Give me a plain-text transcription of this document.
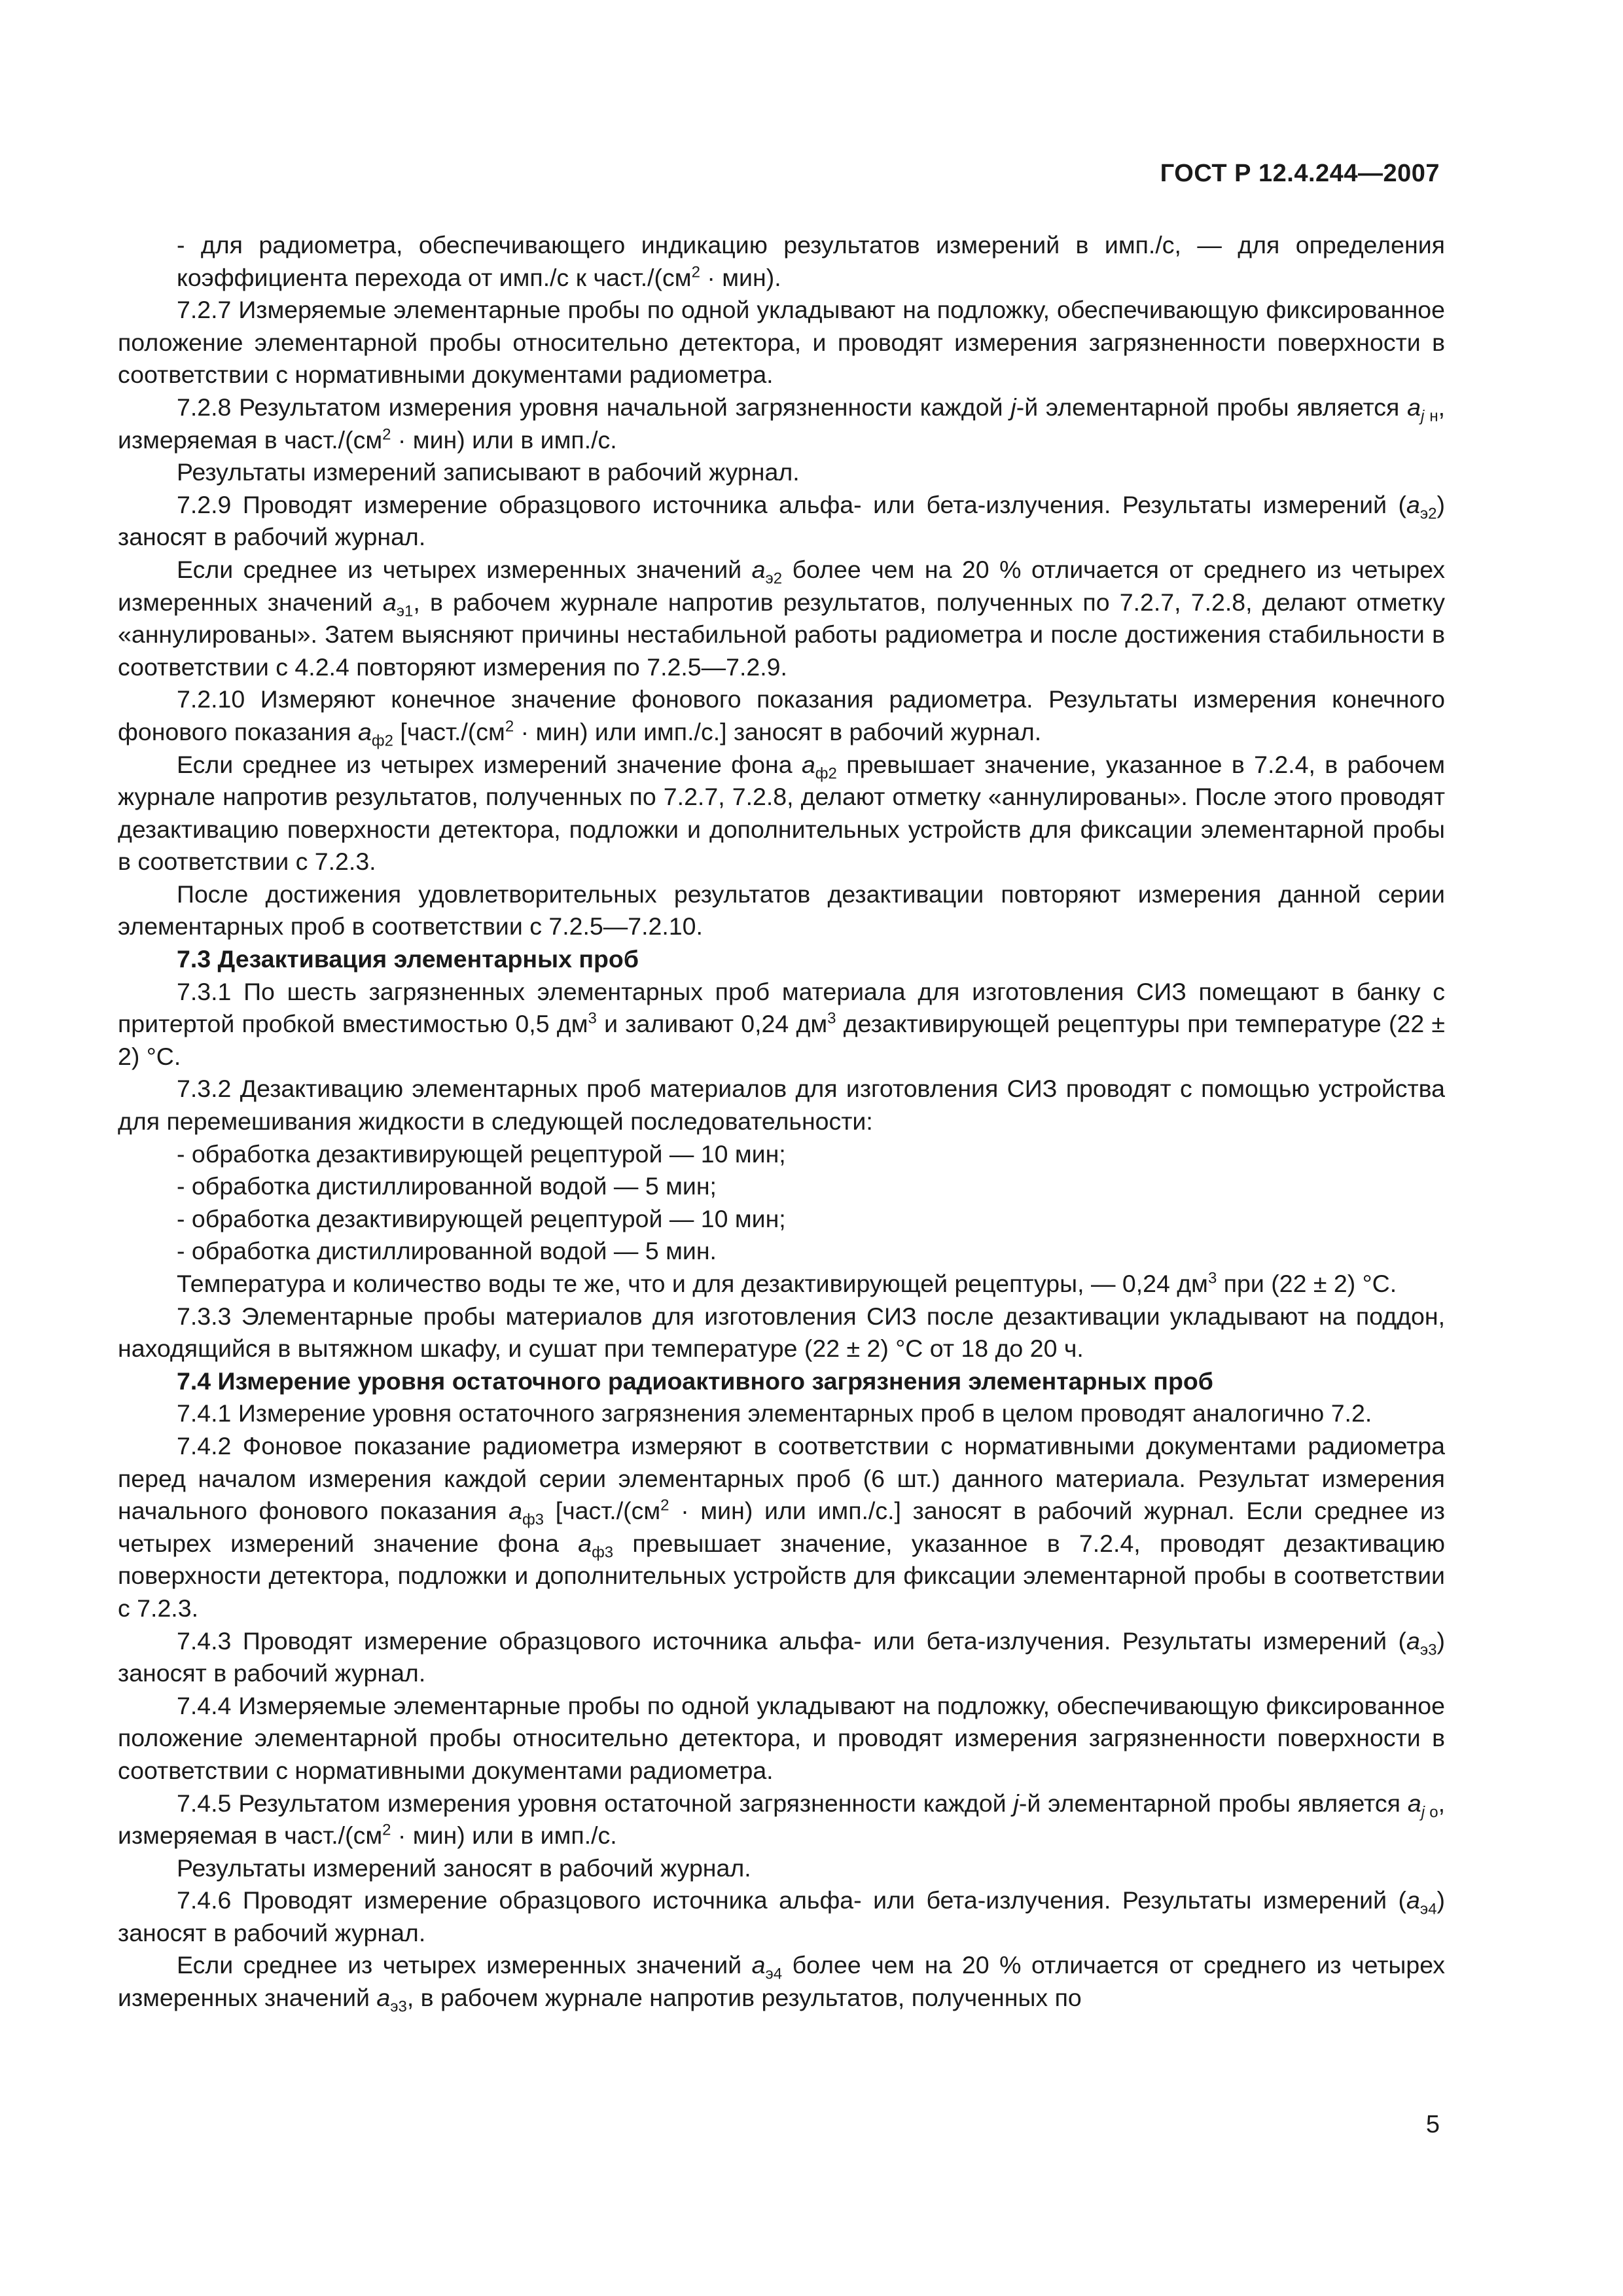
ГОСТ Р 12.4.244—2007

- для радиометра, обеспечивающего индикацию результатов измерений в имп./с, — для определения коэффициента перехода от имп./с к $част./(см^2 \cdot мин)$.

7.2.7 Измеряемые элементарные пробы по одной укладывают на подложку, обеспечивающую фиксированное положение элементарной пробы относительно детектора, и проводят измерения загрязненности поверхности в соответствии с нормативными документами радиометра.

7.2.8 Результатом измерения уровня начальной загрязненности каждой j-й элементарной пробы является $a_{j н}$, измеряемая в $част./(см^2 \cdot мин)$ или в имп./с.

Результаты измерений записывают в рабочий журнал.

7.2.9 Проводят измерение образцового источника альфа- или бета-излучения. Результаты измерений $(a_{э2})$ заносят в рабочий журнал.

Если среднее из четырех измеренных значений $a_{э2}$ более чем на 20 % отличается от среднего из четырех измеренных значений $a_{э1}$, в рабочем журнале напротив результатов, полученных по 7.2.7, 7.2.8, делают отметку «аннулированы». Затем выясняют причины нестабильной работы радиометра и после достижения стабильности в соответствии с 4.2.4 повторяют измерения по 7.2.5—7.2.9.

7.2.10 Измеряют конечное значение фонового показания радиометра. Результаты измерения конечного фонового показания $a_{ф2}$ [$част./(см^2 \cdot мин)$ или имп./с.] заносят в рабочий журнал.

Если среднее из четырех измерений значение фона $a_{ф2}$ превышает значение, указанное в 7.2.4, в рабочем журнале напротив результатов, полученных по 7.2.7, 7.2.8, делают отметку «аннулированы». После этого проводят дезактивацию поверхности детектора, подложки и дополнительных устройств для фиксации элементарной пробы в соответствии с 7.2.3.

После достижения удовлетворительных результатов дезактивации повторяют измерения данной серии элементарных проб в соответствии с 7.2.5—7.2.10.

7.3 Дезактивация элементарных проб

7.3.1 По шесть загрязненных элементарных проб материала для изготовления СИЗ помещают в банку с притертой пробкой вместимостью 0,5 $дм^3$ и заливают 0,24 $дм^3$ дезактивирующей рецептуры при температуре (22 ± 2) °С.

7.3.2 Дезактивацию элементарных проб материалов для изготовления СИЗ проводят с помощью устройства для перемешивания жидкости в следующей последовательности:

- обработка дезактивирующей рецептурой — 10 мин;

- обработка дистиллированной водой — 5 мин;

- обработка дезактивирующей рецептурой — 10 мин;

- обработка дистиллированной водой — 5 мин.

Температура и количество воды те же, что и для дезактивирующей рецептуры, — 0,24 $дм^3$ при (22 ± 2) °С.

7.3.3 Элементарные пробы материалов для изготовления СИЗ после дезактивации укладывают на поддон, находящийся в вытяжном шкафу, и сушат при температуре (22 ± 2) °С от 18 до 20 ч.

7.4 Измерение уровня остаточного радиоактивного загрязнения элементарных проб

7.4.1 Измерение уровня остаточного загрязнения элементарных проб в целом проводят аналогично 7.2.

7.4.2 Фоновое показание радиометра измеряют в соответствии с нормативными документами радиометра перед началом измерения каждой серии элементарных проб (6 шт.) данного материала. Результат измерения начального фонового показания $a_{ф3}$ [$част./(см^2 \cdot мин)$ или имп./с.] заносят в рабочий журнал. Если среднее из четырех измерений значение фона $a_{ф3}$ превышает значение, указанное в 7.2.4, проводят дезактивацию поверхности детектора, подложки и дополнительных устройств для фиксации элементарной пробы в соответствии с 7.2.3.

7.4.3 Проводят измерение образцового источника альфа- или бета-излучения. Результаты измерений $(a_{э3})$ заносят в рабочий журнал.

7.4.4 Измеряемые элементарные пробы по одной укладывают на подложку, обеспечивающую фиксированное положение элементарной пробы относительно детектора, и проводят измерения загрязненности поверхности в соответствии с нормативными документами радиометра.

7.4.5 Результатом измерения уровня остаточной загрязненности каждой j-й элементарной пробы является $a_{j о}$, измеряемая в $част./(см^2 \cdot мин)$ или в имп./с.

Результаты измерений заносят в рабочий журнал.

7.4.6 Проводят измерение образцового источника альфа- или бета-излучения. Результаты измерений $(a_{э4})$ заносят в рабочий журнал.

Если среднее из четырех измеренных значений $a_{э4}$ более чем на 20 % отличается от среднего из четырех измеренных значений $a_{э3}$, в рабочем журнале напротив результатов, полученных по

5
